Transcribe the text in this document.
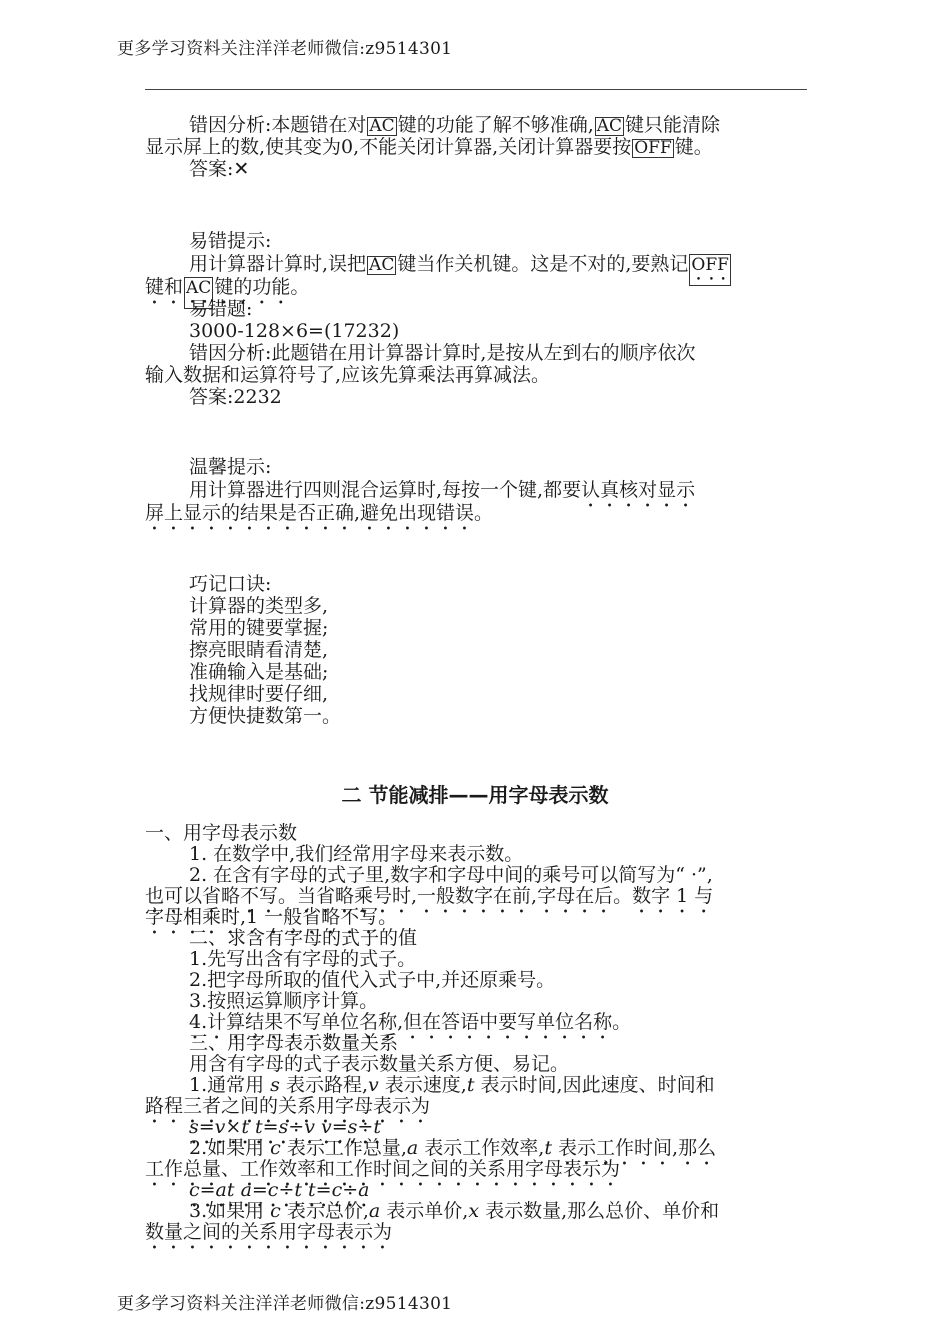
更多学习资料关注洋洋老师微信:z9514301
错因分析:本题错在对 AC 键的功能了解不够准确, AC 键只能清除
显示屏上的数,使其变为0,不能关闭计算器,关闭计算器要按 OFF 键。
答案:✕
易错提示:
用计算器计算时,误把 AC 键当作关机键。这是不对的,要熟记 OFF
键和 AC 键的功能。
易错题:
3000-128×6=(17232)
错因分析:此题错在用计算器计算时,是按从左到右的顺序依次
输入数据和运算符号了,应该先算乘法再算减法。
答案:2232
温馨提示:
用计算器进行四则混合运算时,每按一个键,都要认真核对显示
屏上显示的结果是否正确,避免出现错误。
巧记口诀:
计算器的类型多,
常用的键要掌握;
擦亮眼睛看清楚,
准确输入是基础;
找规律时要仔细,
方便快捷数第一。
二 节能减排——用字母表示数
一、用字母表示数
1. 在数学中,我们经常用字母来表示数。
2. 在含有字母的式子里,数字和字母中间的乘号可以简写为“ ·”,
也可以省略不写。当省略乘号时,一般数字在前,字母在后。数字 1 与
字母相乘时,1 一般省略不写。
二、求含有字母的式子的值
1.先写出含有字母的式子。
2.把字母所取的值代入式子中,并还原乘号。
3.按照运算顺序计算。
4.计算结果不写单位名称,但在答语中要写单位名称。
三、用字母表示数量关系
用含有字母的式子表示数量关系方便、易记。
1.通常用 s 表示路程,v 表示速度,t 表示时间,因此速度、时间和
路程三者之间的关系用字母表示为
s=v×t t=s÷v v=s÷t
2.如果用 c 表示工作总量,a 表示工作效率,t 表示工作时间,那么
工作总量、工作效率和工作时间之间的关系用字母表示为
c=at a=c÷t t=c÷a
3.如果用 c 表示总价,a 表示单价,x 表示数量,那么总价、单价和
数量之间的关系用字母表示为
更多学习资料关注洋洋老师微信:z9514301
